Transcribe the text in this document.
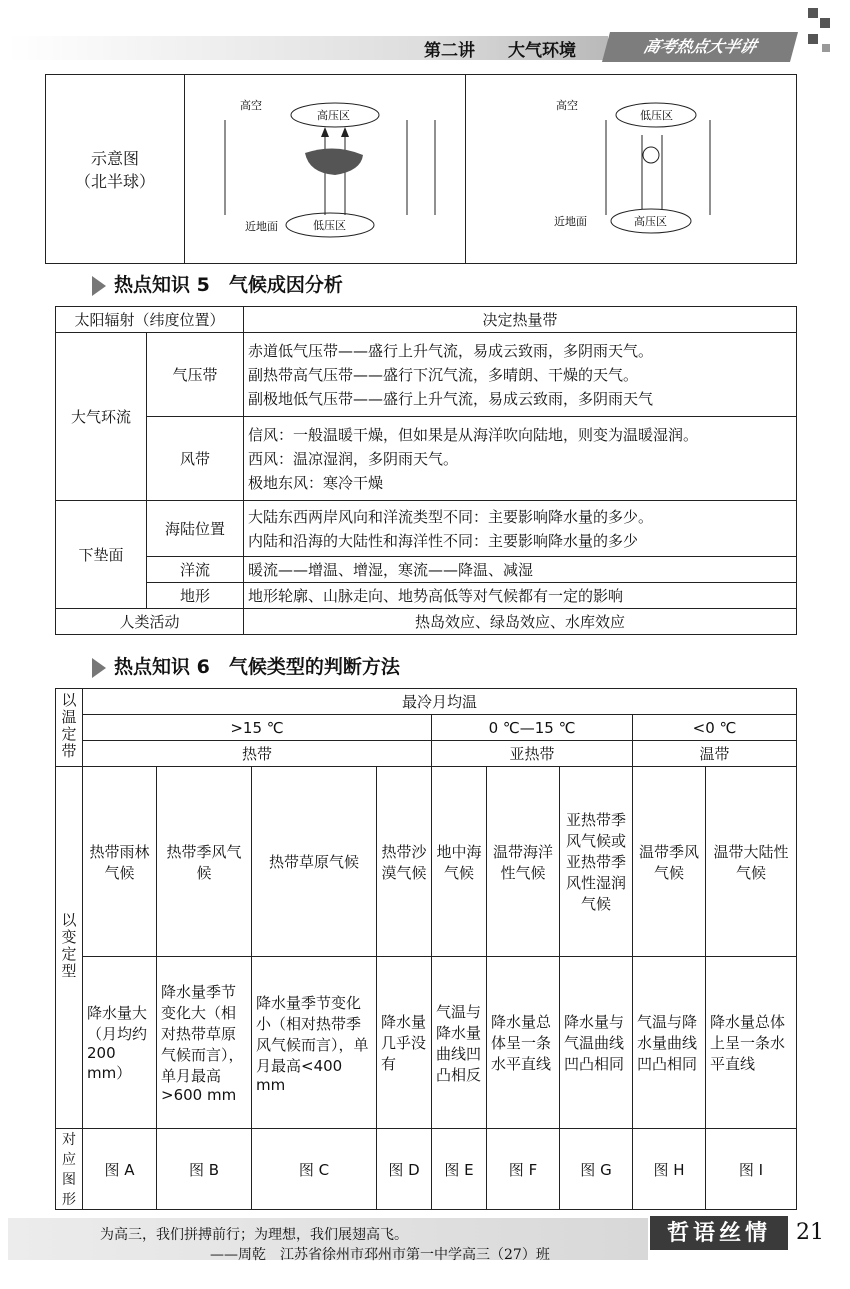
第二讲 大气环境	高考热点大半讲
示意图
（北半球）	
高空
近地面
高压区
低压区

高空
近地面
低压区
高压区
热点知识 5　气候成因分析
太阳辐射（纬度位置）		决定热量带
大气环流	气压带	赤道低气压带——盛行上升气流，易成云致雨，多阴雨天气。
副热带高气压带——盛行下沉气流，多晴朗、干燥的天气。
副极地低气压带——盛行上升气流，易成云致雨，多阴雨天气

	风带	信风：一般温暖干燥，但如果是从海洋吹向陆地，则变为温暖湿润。
西风：温凉湿润，多阴雨天气。
极地东风：寒冷干燥

下垫面	海陆位置	大陆东西两岸风向和洋流类型不同：主要影响降水量的多少。
内陆和沿海的大陆性和海洋性不同：主要影响降水量的多少

	洋流	暖流——增温、增湿，寒流——降温、减湿
	地形	地形轮廓、山脉走向、地势高低等对气候都有一定的影响
人类活动		热岛效应、绿岛效应、水库效应
热点知识 6　气候类型的判断方法
以温定带	最冷月均温								
	>15 ℃				0 ℃—15 ℃			<0 ℃	
	热带				亚热带			温带	
以变定型	热带雨林气候	热带季风气候	热带草原气候	热带沙漠气候	地中海气候	温带海洋性气候	亚热带季风气候或亚热带季风性湿润气候	温带季风气候	温带大陆性气候
	降水量大（月均约200 mm）	降水量季节变化大（相对热带草原气候而言），单月最高>600 mm	降水量季节变化小（相对热带季风气候而言），单月最高<400 mm	降水量几乎没有	气温与降水量曲线凹凸相反	降水量总体呈一条水平直线	降水量与气温曲线凹凸相同	气温与降水量曲线凹凸相同	降水量总体上呈一条水平直线
对应图形	图 A	图 B	图 C	图 D	图 E	图 F	图 G	图 H	图 I
为高三，我们拼搏前行；为理想，我们展翅高飞。
——周乾　江苏省徐州市邳州市第一中学高三（27）班
哲语丝情	21
